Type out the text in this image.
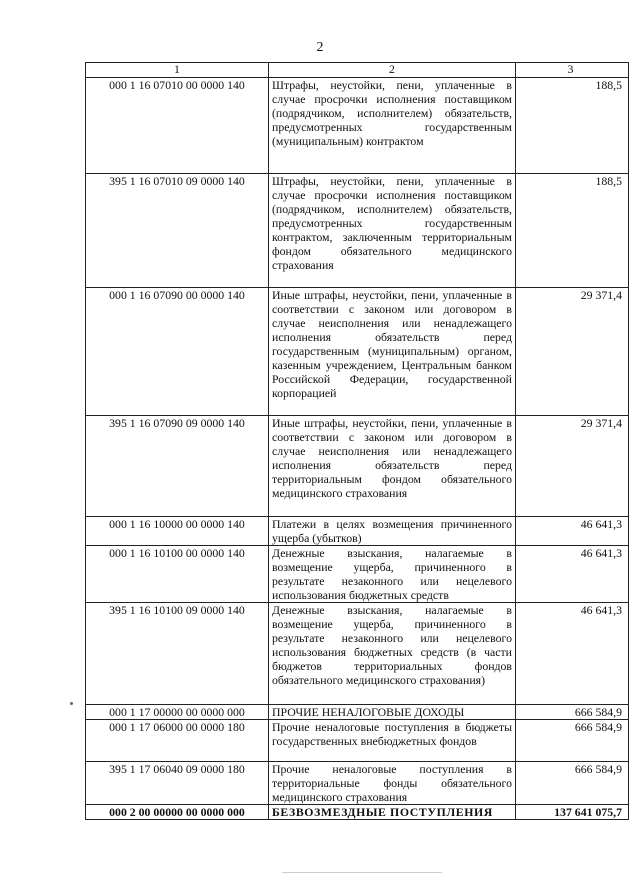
2
1	2	3
000 1 16 07010 00 0000 140	Штрафы, неустойки, пени, уплаченные в случае просрочки исполнения поставщиком (подрядчиком, исполнителем) обязательств, предусмотренных государственным (муниципальным) контрактом	188,5
395 1 16 07010 09 0000 140	Штрафы, неустойки, пени, уплаченные в случае просрочки исполнения поставщиком (подрядчиком, исполнителем) обязательств, предусмотренных государственным контрактом, заключенным территориальным фондом обязательного медицинского страхования	188,5
000 1 16 07090 00 0000 140	Иные штрафы, неустойки, пени, уплаченные в соответствии с законом или договором в случае неисполнения или ненадлежащего исполнения обязательств перед государственным (муниципальным) органом, казенным учреждением, Центральным банком Российской Федерации, государственной корпорацией	29 371,4
395 1 16 07090 09 0000 140	Иные штрафы, неустойки, пени, уплаченные в соответствии с законом или договором в случае неисполнения или ненадлежащего исполнения обязательств перед территориальным фондом обязательного медицинского страхования	29 371,4
000 1 16 10000 00 0000 140	Платежи в целях возмещения причиненного ущерба (убытков)	46 641,3
000 1 16 10100 00 0000 140	Денежные взыскания, налагаемые в возмещение ущерба, причиненного в результате незаконного или нецелевого использования бюджетных средств	46 641,3
395 1 16 10100 09 0000 140	Денежные взыскания, налагаемые в возмещение ущерба, причиненного в результате незаконного или нецелевого использования бюджетных средств (в части бюджетов территориальных фондов обязательного медицинского страхования)	46 641,3
000 1 17 00000 00 0000 000	ПРОЧИЕ НЕНАЛОГОВЫЕ ДОХОДЫ	666 584,9
000 1 17 06000 00 0000 180	Прочие неналоговые поступления в бюджеты государственных внебюджетных фондов	666 584,9
395 1 17 06040 09 0000 180	Прочие неналоговые поступления в территориальные фонды обязательного медицинского страхования	666 584,9
000 2 00 00000 00 0000 000	БЕЗВОЗМЕЗДНЫЕ ПОСТУПЛЕНИЯ	137 641 075,7
